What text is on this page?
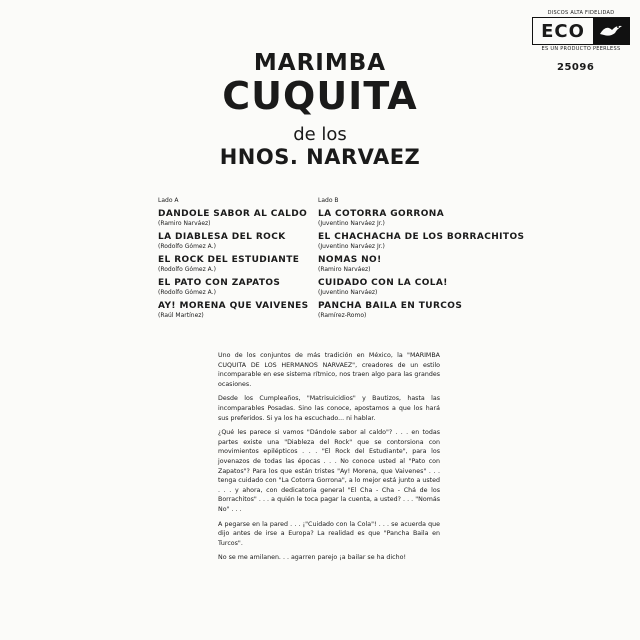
DISCOS ALTA FIDELIDAD
ECO
ES UN PRODUCTO PEERLESS
25096
MARIMBA
CUQUITA
de los
HNOS. NARVAEZ
Lado A
DANDOLE SABOR AL CALDO
(Ramiro Narváez)
LA DIABLESA DEL ROCK
(Rodolfo Gómez A.)
EL ROCK DEL ESTUDIANTE
(Rodolfo Gómez A.)
EL PATO CON ZAPATOS
(Rodolfo Gómez A.)
AY! MORENA QUE VAIVENES
(Raúl Martínez)
Lado B
LA COTORRA GORRONA
(Juventino Narváez Jr.)
EL CHACHACHA DE LOS BORRACHITOS
(Juventino Narváez Jr.)
NOMAS NO!
(Ramiro Narváez)
CUIDADO CON LA COLA!
(Juventino Narváez)
PANCHA BAILA EN TURCOS
(Ramírez-Romo)

Uno de los conjuntos de más tradición en México, la "MARIMBA CUQUITA DE LOS HERMANOS NARVAEZ", creadores de un estilo incomparable en ese sistema rítmico, nos traen algo para las grandes ocasiones.

Desde los Cumpleaños, "Matrisuicidios" y Bautizos, hasta las incomparables Posadas. Sino las conoce, apostamos a que los hará sus preferidos. Si ya los ha escuchado... ni hablar.

¿Qué les parece si vamos "Dándole sabor al caldo"? . . . en todas partes existe una "Diableza del Rock" que se contorsiona con movimientos epilépticos . . . "El Rock del Estudiante", para los jovenazos de todas las épocas . . . No conoce usted al "Pato con Zapatos"? Para los que están tristes "Ay! Morena, que Vaivenes" . . . tenga cuidado con "La Cotorra Gorrona", a lo mejor está junto a usted . . . y ahora, con dedicatoria general "El Cha - Cha - Chá de los Borrachitos" . . . a quién le toca pagar la cuenta, a usted? . . . "Nomás No" . . .

A pegarse en la pared . . . ¡"Cuidado con la Cola"! . . . se acuerda que dijo antes de irse a Europa? La realidad es que "Pancha Baila en Turcos".

No se me amilanen. . . agarren parejo ¡a bailar se ha dicho!
